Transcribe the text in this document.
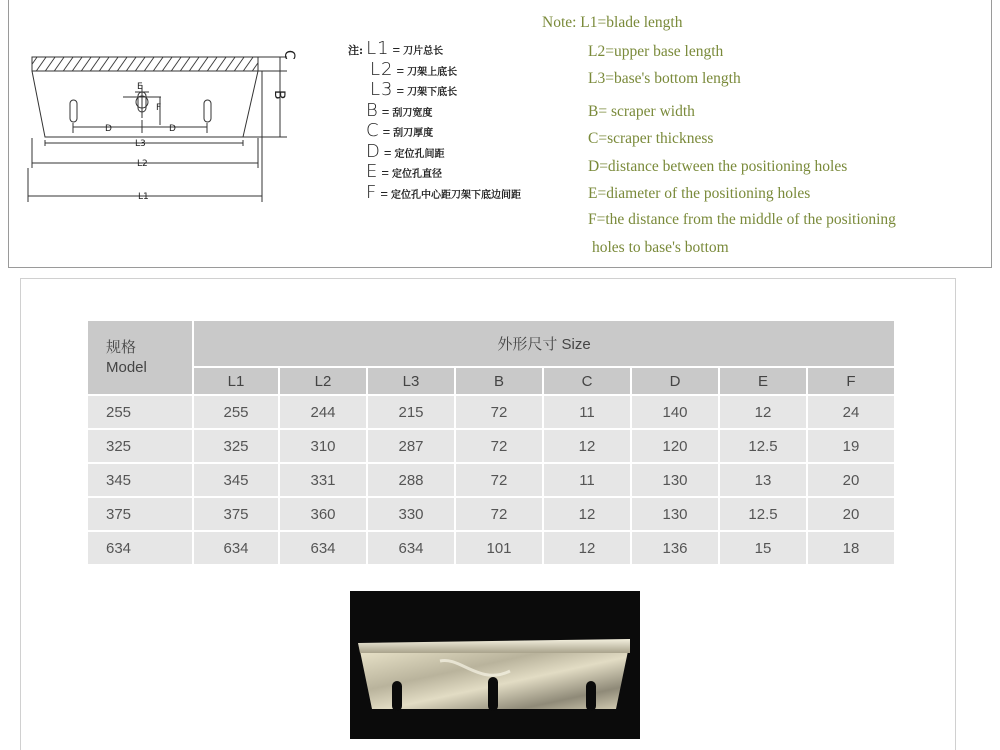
C
B
E
F
D	D
L3
L2
L1
注: L1 = 刀片总长
L2 = 刀架上底长
L3 = 刀架下底长
B = 刮刀宽度
C = 刮刀厚度
D = 定位孔间距
E = 定位孔直径
F = 定位孔中心距刀架下底边间距
Note: L1=blade length
L2=upper base length
L3=base's bottom length
B= scraper width
C=scraper thickness
D=distance between the positioning holes
E=diameter of the positioning holes
F=the distance from the middle of the positioning
holes to base's bottom
规格
Model	外形尺寸 Size							
	L1	L2	L3	B	C	D	E	F
255	255	244	215	72	11	140	12	24
325	325	310	287	72	12	120	12.5	19
345	345	331	288	72	11	130	13	20
375	375	360	330	72	12	130	12.5	20
634	634	634	634	101	12	136	15	18
